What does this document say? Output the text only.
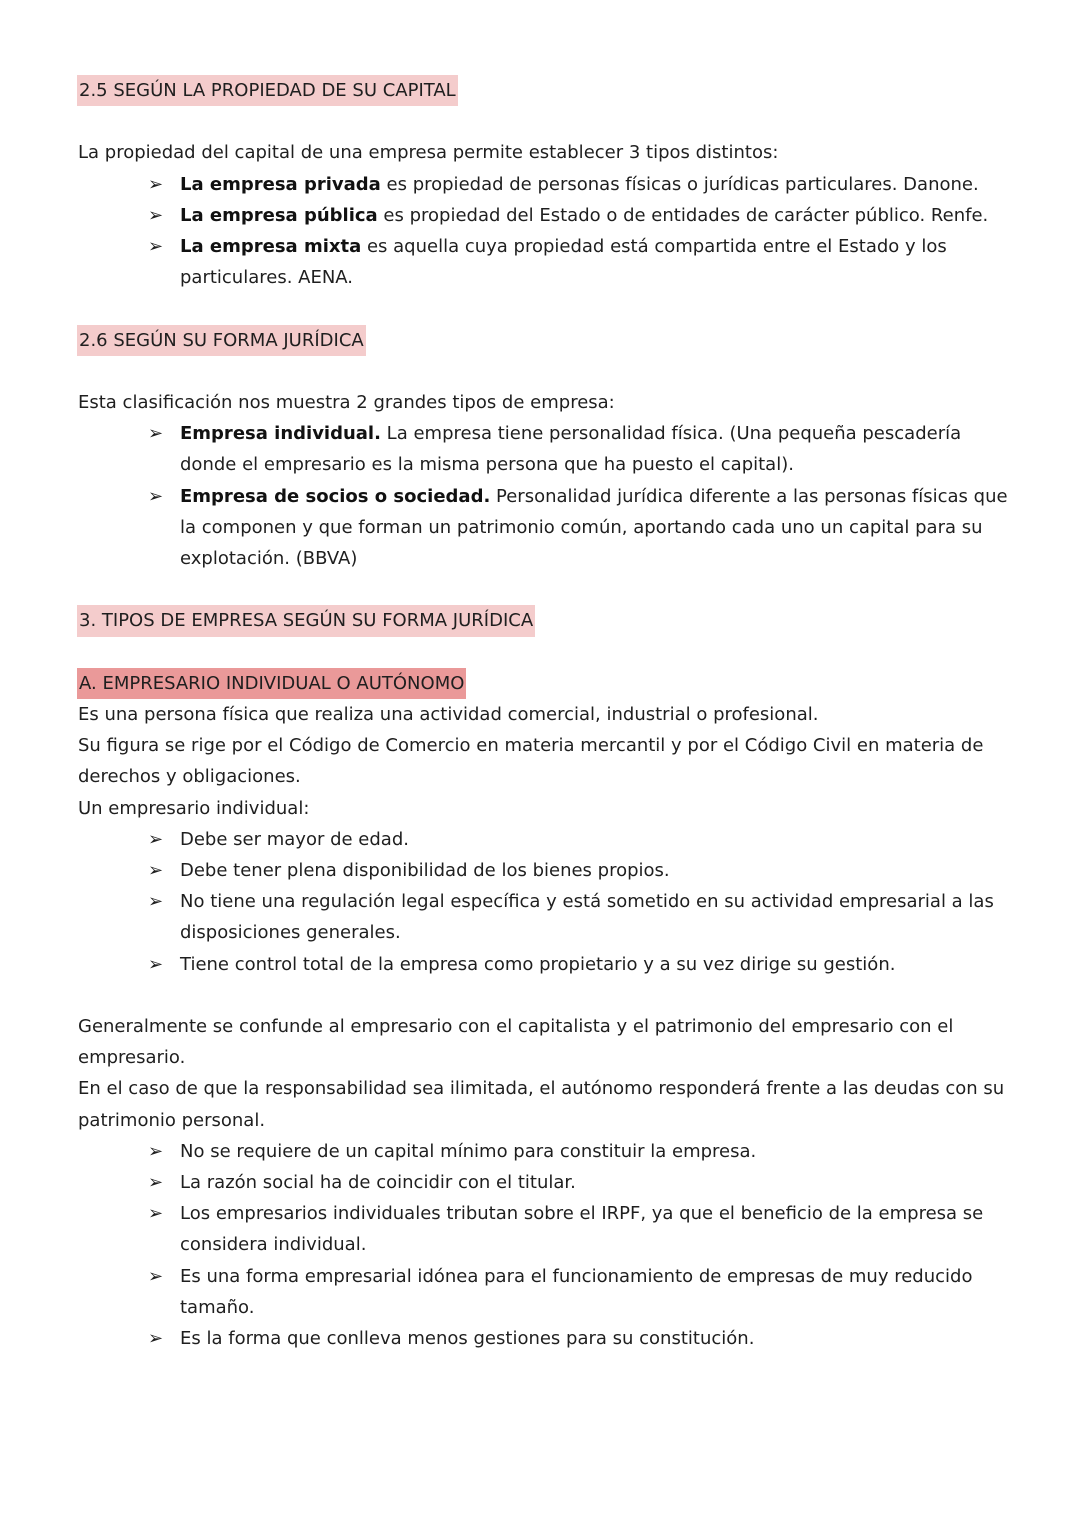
2.5 SEGÚN LA PROPIEDAD DE SU CAPITAL

La propiedad del capital de una empresa permite establecer 3 tipos distintos:

➢ La empresa privada es propiedad de personas físicas o jurídicas particulares. Danone.
➢ La empresa pública es propiedad del Estado o de entidades de carácter público. Renfe.
➢ La empresa mixta es aquella cuya propiedad está compartida entre el Estado y los particulares. AENA.
2.6 SEGÚN SU FORMA JURÍDICA

Esta clasificación nos muestra 2 grandes tipos de empresa:

➢ Empresa individual. La empresa tiene personalidad física. (Una pequeña pescadería donde el empresario es la misma persona que ha puesto el capital).
➢ Empresa de socios o sociedad. Personalidad jurídica diferente a las personas físicas que la componen y que forman un patrimonio común, aportando cada uno un capital para su explotación. (BBVA)
3. TIPOS DE EMPRESA SEGÚN SU FORMA JURÍDICA
A. EMPRESARIO INDIVIDUAL O AUTÓNOMO

Es una persona física que realiza una actividad comercial, industrial o profesional.

Su figura se rige por el Código de Comercio en materia mercantil y por el Código Civil en materia de derechos y obligaciones.

Un empresario individual:

➢ Debe ser mayor de edad.
➢ Debe tener plena disponibilidad de los bienes propios.
➢ No tiene una regulación legal específica y está sometido en su actividad empresarial a las disposiciones generales.
➢ Tiene control total de la empresa como propietario y a su vez dirige su gestión.

Generalmente se confunde al empresario con el capitalista y el patrimonio del empresario con el empresario.

En el caso de que la responsabilidad sea ilimitada, el autónomo responderá frente a las deudas con su patrimonio personal.

➢ No se requiere de un capital mínimo para constituir la empresa.
➢ La razón social ha de coincidir con el titular.
➢ Los empresarios individuales tributan sobre el IRPF, ya que el beneficio de la empresa se considera individual.
➢ Es una forma empresarial idónea para el funcionamiento de empresas de muy reducido tamaño.
➢ Es la forma que conlleva menos gestiones para su constitución.
